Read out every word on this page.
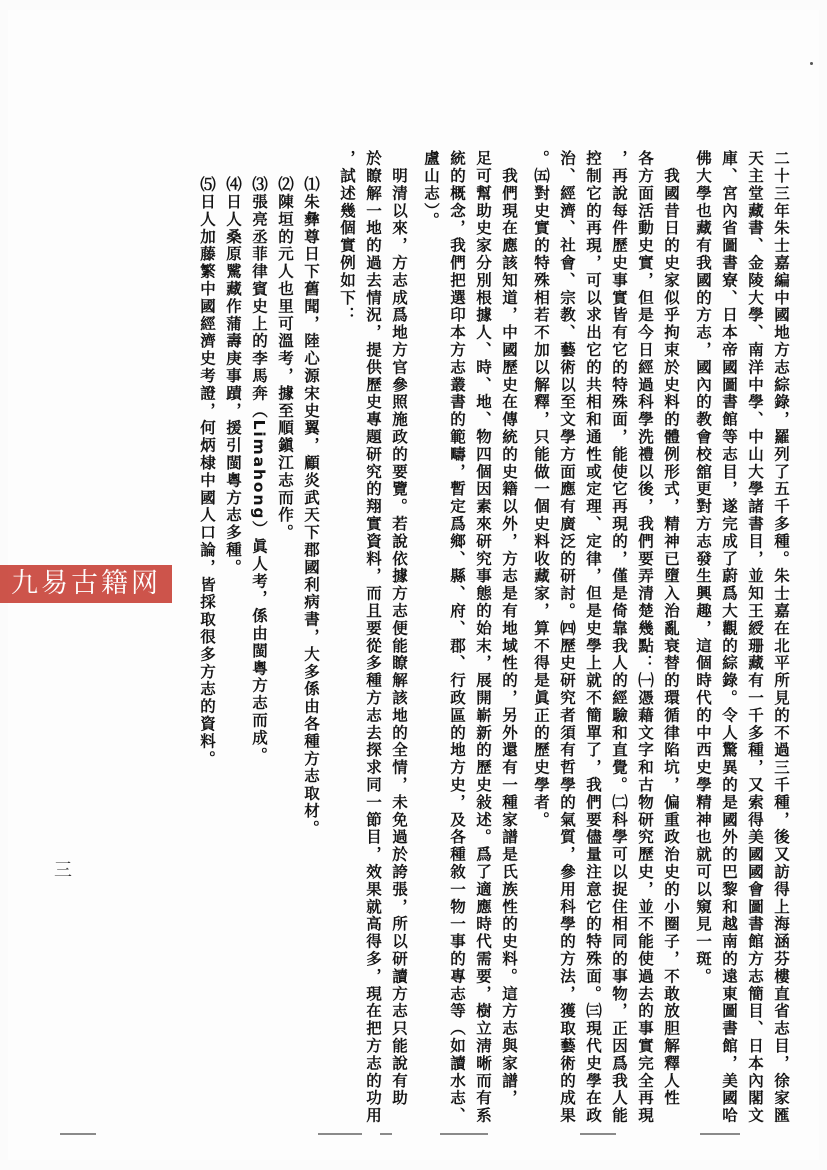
二十三年朱士嘉編中國地方志綜錄，羅列了五千多種。朱士嘉在北平所見的不過三千種，後又訪得上海涵芬樓直省志目，徐家匯
天主堂藏書、金陵大學、南洋中學、中山大學諸書目，並知王綬珊藏有一千多種，又索得美國國會圖書館方志簡目、日本內閣文
庫、宮內省圖書寮、日本帝國圖書館等志目，遂完成了蔚爲大觀的綜錄。令人驚異的是國外的巴黎和越南的遠東圖書館，美國哈
佛大學也藏有我國的方志，國內的教會校舘更對方志發生興趣，這個時代的中西史學精神也就可以窺見一斑。
　我國昔日的史家似乎拘束於史料的體例形式，精神已墮入治亂衰替的環循律陷坑，偏重政治史的小圈子，不敢放胆解釋人性
各方面活動史實，但是今日經過科學洗禮以後，我們要弄清楚幾點：㈠憑藉文字和古物研究歷史，並不能使過去的事實完全再現
，再說每件歷史事實皆有它的特殊面，能使它再現的，僅是倚靠我人的經驗和直覺。㈡科學可以捉住相同的事物，正因爲我人能
控制它的再現，可以求出它的共相和通性或定理、定律，但是史學上就不簡單了，我們要儘量注意它的特殊面。㈢現代史學在政
治、經濟、社會、宗教、藝術以至文學方面應有廣泛的研討。㈣歷史研究者須有哲學的氣質，參用科學的方法，獲取藝術的成果
。㈤對史實的特殊相若不加以解釋，只能做一個史料收藏家，算不得是眞正的歷史學者。
　我們現在應該知道，中國歷史在傳統的史籍以外，方志是有地域性的，另外還有一種家譜是氏族性的史料。這方志與家譜，
足可幫助史家分別根據人、時、地、物四個因素來研究事態的始末，展開嶄新的歷史敍述。爲了適應時代需要，樹立淸晰而有系
統的概念，我們把選印本方志叢書的範疇，暫定爲鄉、縣、府、郡、行政區的地方史，及各種敘一物一事的專志等（如讀水志、
盧山志）。
　明清以來，方志成爲地方官參照施政的要覽。若說依據方志便能瞭解該地的全情，未免過於誇張，所以研讀方志只能說有助
於瞭解一地的過去情況，提供歷史專題研究的翔實資料，而且要從多種方志去探求同一節目，效果就高得多，現在把方志的功用
，試述幾個實例如下：
⑴朱彝尊日下舊聞，陸心源宋史翼，顧炎武天下郡國利病書，大多係由各種方志取材。
⑵陳垣的元人也里可溫考，據至順鎭江志而作。
⑶張亮丞菲律賓史上的李馬奔（Limahong）眞人考，係由閩粵方志而成。
⑷日人桑原騭藏作蒲壽庚事蹟，援引閩粵方志多種。
⑸日人加藤繁中國經濟史考證，何炳棣中國人口論，皆採取很多方志的資料。
三
九易古籍网
